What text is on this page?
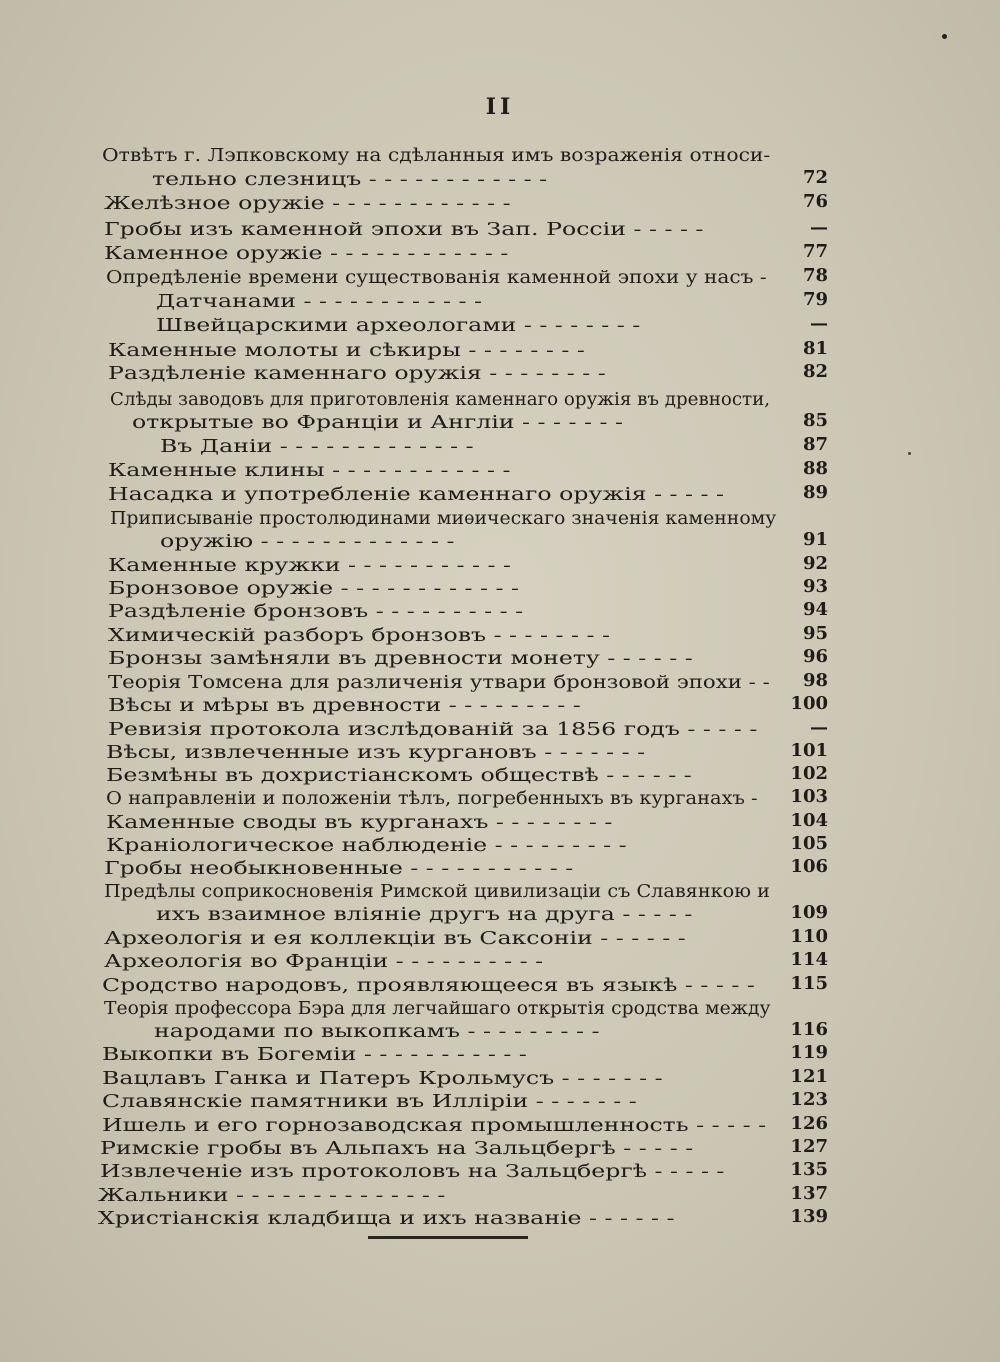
II
Отвѣтъ г. Лэпковскому на сдѣланныя имъ возраженія относи-
тельно слезницъ - - - - - - - - - - - -	72
Желѣзное оружіе - - - - - - - - - - - -	76
Гробы изъ каменной эпохи въ Зап. Россіи - - - - -	—
Каменное оружіе - - - - - - - - - - - -	77
Опредѣленіе времени существованія каменной эпохи у насъ -	78
Датчанами - - - - - - - - - - - -	79
Швейцарскими археологами - - - - - - - -	—
Каменные молоты и сѣкиры - - - - - - - -	81
Раздѣленіе каменнаго оружія - - - - - - - -	82
Слѣды заводовъ для приготовленія каменнаго оружія въ древности,
открытые во Франціи и Англіи - - - - - - -	85
Въ Даніи - - - - - - - - - - - - -	87
Каменные клины - - - - - - - - - - - -	88
Насадка и употребленіе каменнаго оружія - - - - -	89
Приписываніе простолюдинами миѳическаго значенія каменному
оружію - - - - - - - - - - - - -	91
Каменные кружки - - - - - - - - - - -	92
Бронзовое оружіе - - - - - - - - - - - -	93
Раздѣленіе бронзовъ - - - - - - - - - -	94
Химическій разборъ бронзовъ - - - - - - - -	95
Бронзы замѣняли въ древности монету - - - - - -	96
Теорія Томсена для различенія утвари бронзовой эпохи - -	98
Вѣсы и мѣры въ древности - - - - - - - - -	100
Ревизія протокола изслѣдованій за 1856 годъ - - - - -	—
Вѣсы, извлеченные изъ кургановъ - - - - - - -	101
Безмѣны въ дохристіанскомъ обществѣ - - - - - -	102
О направленіи и положеніи тѣлъ, погребенныхъ въ курганахъ -	103
Каменные своды въ курганахъ - - - - - - - -	104
Краніологическое наблюденіе - - - - - - - - -	105
Гробы необыкновенные - - - - - - - - - - -	106
Предѣлы соприкосновенія Римской цивилизаціи съ Славянкою и
ихъ взаимное вліяніе другъ на друга - - - - -	109
Археологія и ея коллекціи въ Саксоніи - - - - - -	110
Археологія во Франціи - - - - - - - - - -	114
Сродство народовъ, проявляющееся въ языкѣ - - - - -	115
Теорія профессора Бэра для легчайшаго открытія сродства между
народами по выкопкамъ - - - - - - - - -	116
Выкопки въ Богеміи - - - - - - - - - - -	119
Вацлавъ Ганка и Патеръ Крольмусъ - - - - - - -	121
Славянскіе памятники въ Илліріи - - - - - - -	123
Ишель и его горнозаводская промышленность - - - - -	126
Римскіе гробы въ Альпахъ на Зальцбергѣ - - - - -	127
Извлеченіе изъ протоколовъ на Зальцбергѣ - - - - -	135
Жальники - - - - - - - - - - - - - -	137
Христіанскія кладбища и ихъ названіе - - - - - -	139
